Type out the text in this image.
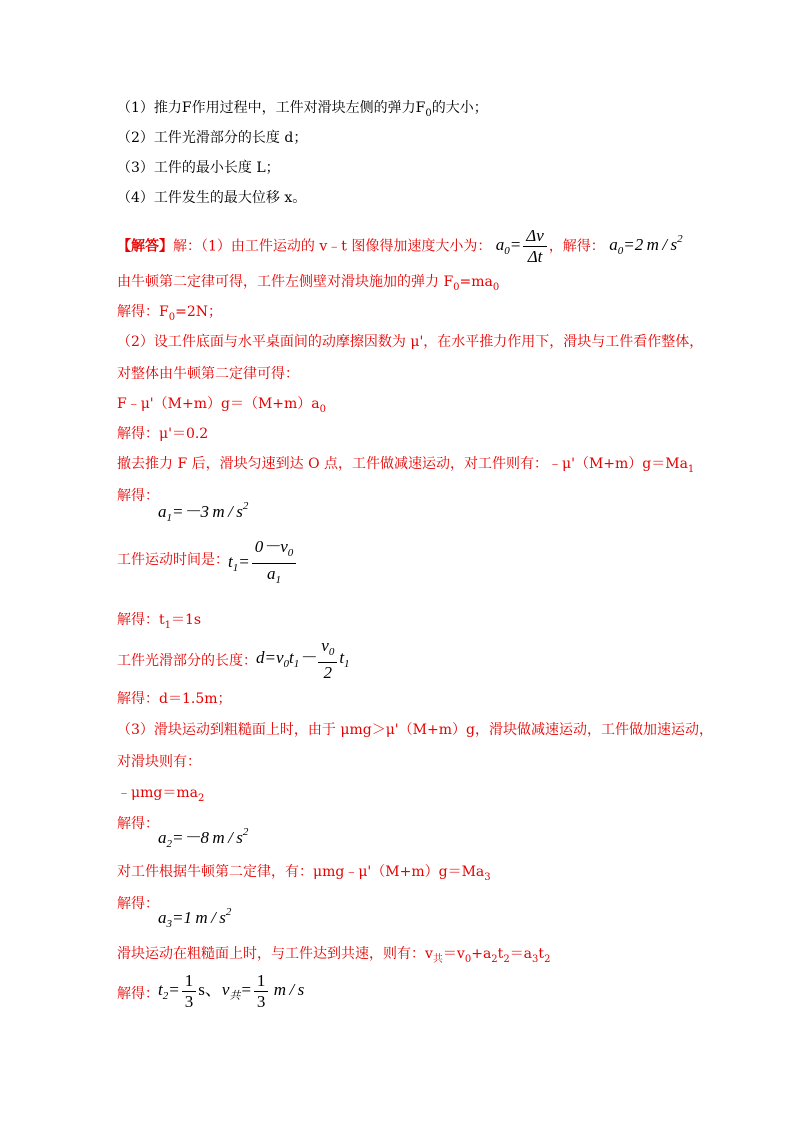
（1）推力F作用过程中，工件对滑块左侧的弹力$F_0$的大小；
（2）工件光滑部分的长度 d；
（3）工件的最小长度 L；
（4）工件发生的最大位移 x。
【解答】解：（1）由工件运动的 v﹣t 图像得加速度大小为： $a_0= \frac{\Delta v}{\Delta t}$ ，解得： $a_0=2$  m / $s^2$
由牛顿第二定律可得，工件左侧壁对滑块施加的弹力 $F_0=ma_0$
解得：$F_0=2N$；
（2）设工件底面与水平桌面间的动摩擦因数为 μ'，在水平推力作用下，滑块与工件看作整体，
对整体由牛顿第二定律可得：
$F﹣\mu'(M+m)g=(M+m)a_0$
解得：μ'＝0.2
撤去推力 F 后，滑块匀速到达 O 点，工件做减速运动，对工件则有：$﹣\mu'(M+m)g=Ma_1$
解得：
$a_1=-3$  m / $s^2$
工件运动时间是： $t_1= \frac{0-v_0}{a_1}$
解得：$t_1=1s$
工件光滑部分的长度： $d=v_0t_1- \frac{v_0}{2} t_1$
解得：d＝1.5m；
（3）滑块运动到粗糙面上时，由于 μmg＞μ'（M+m）g，滑块做减速运动，工件做加速运动，
对滑块则有：
$﹣\mu mg=ma_2$
解得：
$a_2=-8$  m / $s^2$
对工件根据牛顿第二定律，有：$\mu mg﹣\mu'(M+m)g=Ma_3$
解得：
$a_3=1$  m / $s^2$
滑块运动在粗糙面上时，与工件达到共速，则有：$v_共=v_0+a_2t_2=a_3t_2$
解得： $t_2= \frac{1}{3}$ s、$v_共= \frac{1}{3}$
  m / s
